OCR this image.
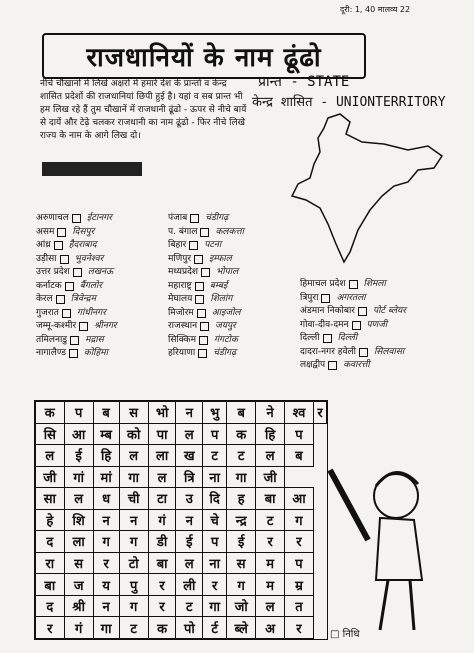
दूरी: 1, 40 मालव्य 22
राजधानियों के नाम ढूंढो
नीचे चौखानों में लिखे अक्षरों में हमारे देश के प्रान्तों व केन्द्र शासित प्रदेशों की राजधानियां छिपी हुई है। यहां व सब प्रान्त भी हम लिख रहे हैं तुम चौखानें में राजधानी ढूंढो - ऊपर से नीचे बायें से दायें और टेढ़े चलकर राजधानी का नाम ढूंढो - फिर नीचे लिखे राज्य के नाम के आगे लिख दो।
प्रान्त - STATE
केन्द्र शासित - UNIONTERRITORY
अरुणाचल ईटानगर
असम दिसपुर
आंध्र हैदराबाद
उड़ीसा भुवनेश्वर
उत्तर प्रदेश लखनऊ
कर्नाटक बैंगलोर
केरल त्रिवेन्द्रम
गुजरात गांधीनगर
जम्मू-कश्मीर श्रीनगर
तमिलनाडु मद्रास
नागालैण्ड कोहिमा
पंजाब चंडीगढ़
प. बंगाल कलकत्ता
बिहार पटना
मणिपुर इम्फाल
मध्यप्रदेश भोपाल
महाराष्ट्र बम्बई
मेघालय शिलांग
मिजोरम आइजोल
राजस्थान जयपुर
सिक्किम गंगटोक
हरियाणा चंडीगढ़
हिमाचल प्रदेश शिमला
त्रिपुरा अगरतला
अंडमान निकोबार पोर्ट ब्लेयर
गोवा-दीव-दमन पणजी
दिल्ली दिल्ली
दादरा-नगर हवेली सिलवासा
लक्षद्वीप कवारत्ती
क	प	ब	स	भो	न	भु	ब	ने	श्व	र
सि	आ	म्ब	को	पा	ल	प	क	हि	प	
ल	ई	हि	ल	ला	ख	ट	ट	ल	ब	
जी	गां	मां	गा	ल	त्रि	ना	गा	जी		
सा	ल	ध	ची	टा	उ	दि	ह	बा	आ	
हे	शि	न	न	गं	न	चे	न्द्र	ट	ग	
द	ला	ग	ग	डी	ई	प	ई	र	र	
रा	स	र	टो	बा	ल	ना	स	म	प	
बा	ज	य	पु	र	ली	र	ग	म	म्र	
द	श्री	न	ग	र	ट	गा	जो	ल	त	
र	गं	गा	ट	क	पो	र्ट	ब्ले	अ	र		□ निधि
